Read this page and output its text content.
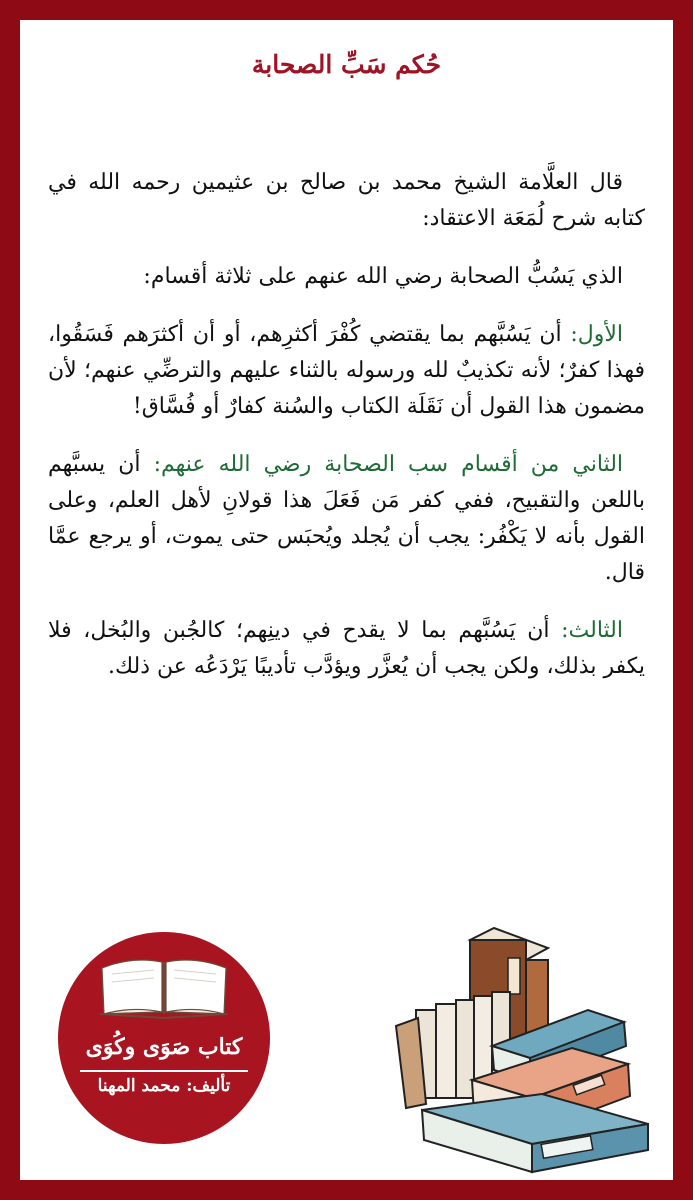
حُكم سَبِّ الصحابة

قال العلَّامة الشيخ محمد بن صالح بن عثيمين رحمه الله في كتابه شرح لُمَعَة الاعتقاد:

الذي يَسُبُّ الصحابة رضي الله عنهم على ثلاثة أقسام:

الأول: أن يَسُبَّهم بما يقتضي كُفْرَ أكثرِهم، أو أن أكثرَهم فَسَقُوا، فهذا كفرٌ؛ لأنه تكذيبٌ لله ورسوله بالثناء عليهم والترضِّي عنهم؛ لأن مضمون هذا القول أن نَقَلَة الكتاب والسُنة كفارٌ أو فُسَّاق!

الثاني من أقسام سب الصحابة رضي الله عنهم: أن يسبَّهم باللعن والتقبيح، ففي كفر مَن فَعَلَ هذا قولانِ لأهل العلم، وعلى القول بأنه لا يَكْفُر: يجب أن يُجلد ويُحبَس حتى يموت، أو يرجع عمَّا قال.

الثالث: أن يَسُبَّهم بما لا يقدح في دينِهم؛ كالجُبن والبُخل، فلا يكفر بذلك، ولكن يجب أن يُعزَّر ويؤدَّب تأديبًا يَرْدَعُه عن ذلك.

كتاب صَوَى وكُوَى
تأليف: محمد المهنا
